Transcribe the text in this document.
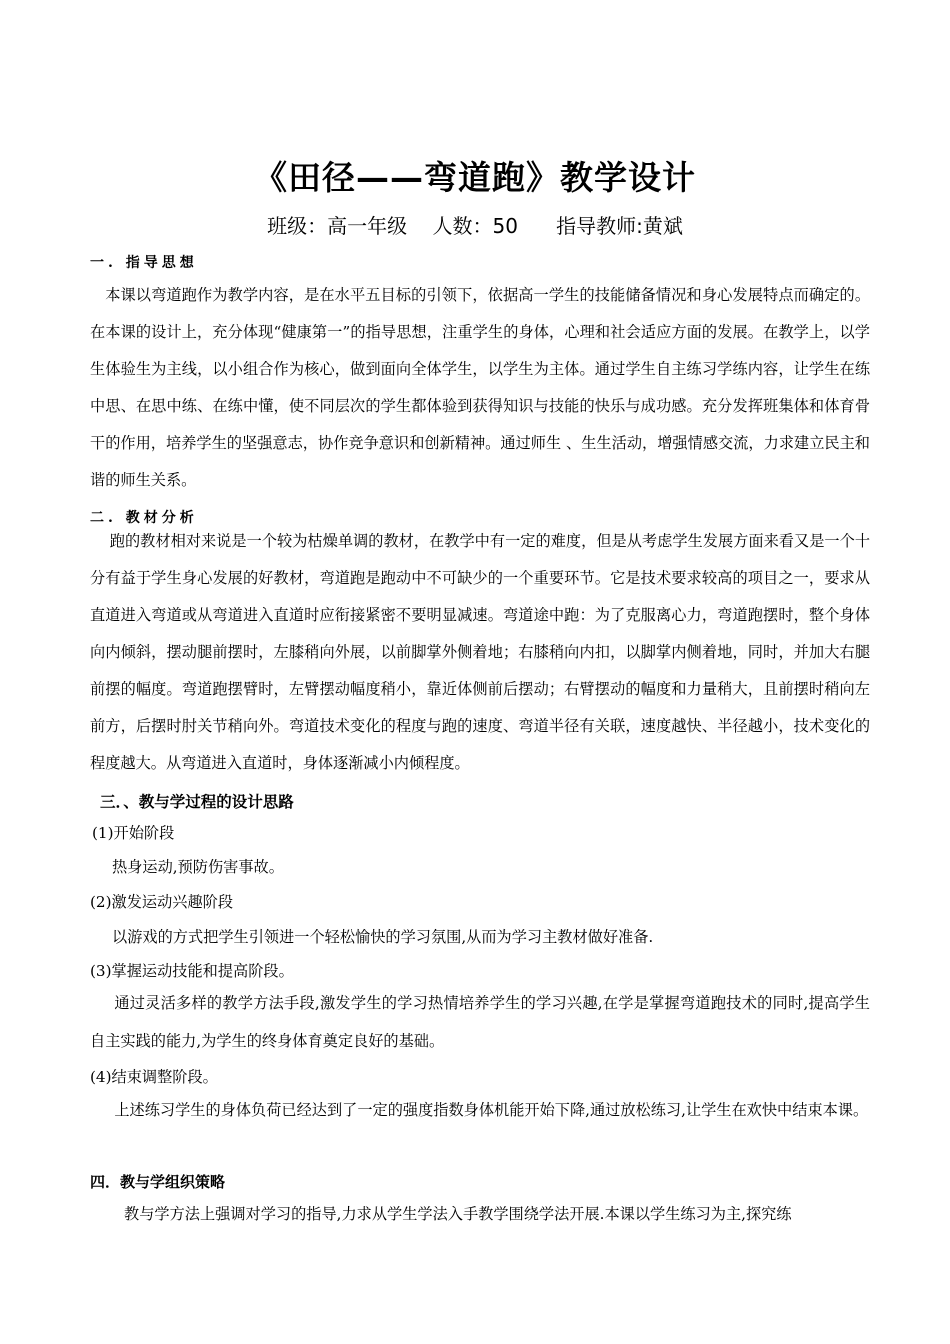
《田径——弯道跑》教学设计
班级：高一年级    人数：50      指导教师:黄斌
一. 指导思想
本课以弯道跑作为教学内容，是在水平五目标的引领下，依据高一学生的技能储备情况和身心发展特点而确定的。在本课的设计上，充分体现“健康第一”的指导思想，注重学生的身体，心理和社会适应方面的发展。在教学上，以学生体验生为主线，以小组合作为核心，做到面向全体学生，以学生为主体。通过学生自主练习学练内容，让学生在练中思、在思中练、在练中懂，使不同层次的学生都体验到获得知识与技能的快乐与成功感。充分发挥班集体和体育骨干的作用，培养学生的坚强意志，协作竞争意识和创新精神。通过师生 、生生活动，增强情感交流，力求建立民主和谐的师生关系。
二. 教材分析
跑的教材相对来说是一个较为枯燥单调的教材，在教学中有一定的难度，但是从考虑学生发展方面来看又是一个十分有益于学生身心发展的好教材，弯道跑是跑动中不可缺少的一个重要环节。它是技术要求较高的项目之一，要求从直道进入弯道或从弯道进入直道时应衔接紧密不要明显减速。弯道途中跑：为了克服离心力，弯道跑摆时，整个身体向内倾斜，摆动腿前摆时，左膝稍向外展，以前脚掌外侧着地；右膝稍向内扣，以脚掌内侧着地，同时，并加大右腿前摆的幅度。弯道跑摆臂时，左臂摆动幅度稍小，靠近体侧前后摆动；右臂摆动的幅度和力量稍大，且前摆时稍向左前方，后摆时肘关节稍向外。弯道技术变化的程度与跑的速度、弯道半径有关联，速度越快、半径越小，技术变化的程度越大。从弯道进入直道时，身体逐渐减小内倾程度。
三．、教与学过程的设计思路
(1)开始阶段
热身运动,预防伤害事故。
(2)激发运动兴趣阶段
以游戏的方式把学生引领进一个轻松愉快的学习氛围,从而为学习主教材做好准备.
(3)掌握运动技能和提高阶段。
通过灵活多样的教学方法手段,激发学生的学习热情培养学生的学习兴趣,在学是掌握弯道跑技术的同时,提高学生自主实践的能力,为学生的终身体育奠定良好的基础。
(4)结束调整阶段。
上述练习学生的身体负荷已经达到了一定的强度指数身体机能开始下降,通过放松练习,让学生在欢快中结束本课。
四．教与学组织策略
教与学方法上强调对学习的指导,力求从学生学法入手教学围绕学法开展.本课以学生练习为主,探究练
